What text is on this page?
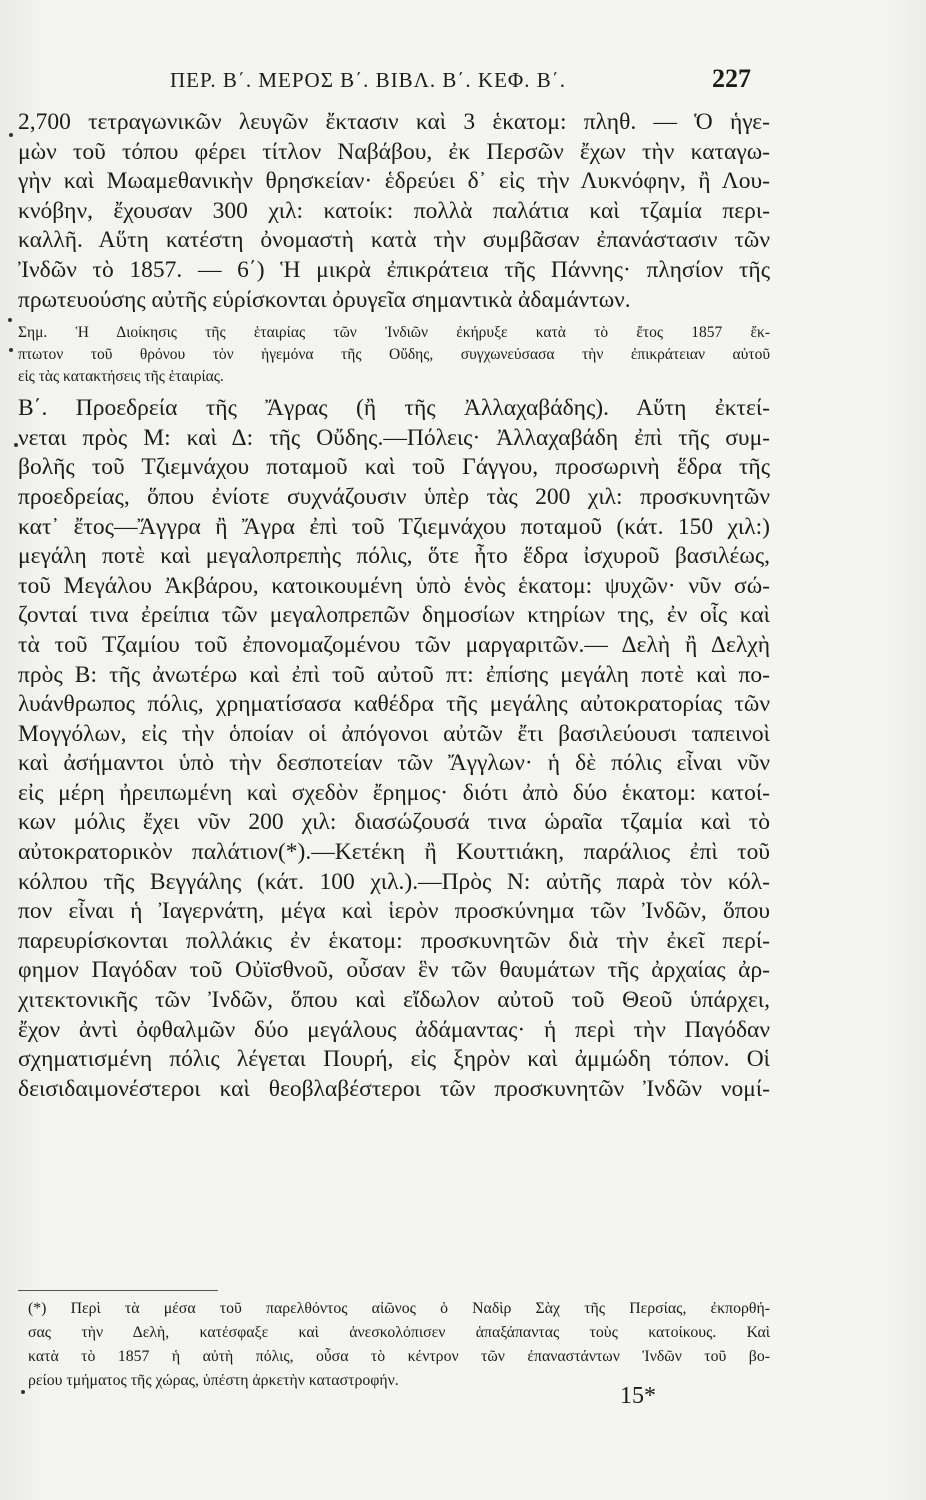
ΠΕΡ. Β΄. ΜΕΡΟΣ Β΄. ΒΙΒΛ. Β΄. ΚΕΦ. Β΄.	227
2,700 τετραγωνικῶν λευγῶν ἔκτασιν καὶ 3 ἑκατομ: πληθ. — Ὁ ἡγε-
μὼν τοῦ τόπου φέρει τίτλον Ναβάβου, ἐκ Περσῶν ἔχων τὴν καταγω-
γὴν καὶ Μωαμεθανικὴν θρησκείαν· ἑδρεύει δ᾽ εἰς τὴν Λυκνόφην, ἢ Λου-
κνόβην, ἔχουσαν 300 χιλ: κατοίκ: πολλὰ παλάτια καὶ τζαμία περι-
καλλῆ. Αὕτη κατέστη ὀνομαστὴ κατὰ τὴν συμβᾶσαν ἐπανάστασιν τῶν
Ἰνδῶν τὸ 1857. — 6΄) Ἡ μικρὰ ἐπικράτεια τῆς Πάννης· πλησίον τῆς
πρωτευούσης αὐτῆς εὑρίσκονται ὀρυγεῖα σημαντικὰ ἀδαμάντων.
Σημ. Ἡ Διοίκησις τῆς ἑταιρίας τῶν Ἰνδιῶν ἐκήρυξε κατὰ τὸ ἔτος 1857 ἔκ-
πτωτον τοῦ θρόνου τὸν ἡγεμόνα τῆς Οὔδης, συγχωνεύσασα τὴν ἐπικράτειαν αὐτοῦ
εἰς τὰς κατακτήσεις τῆς ἑταιρίας.
Β΄. Προεδρεία τῆς Ἄγρας (ἢ τῆς Ἀλλαχαβάδης). Αὕτη ἐκτεί-
νεται πρὸς Μ: καὶ Δ: τῆς Οὔδης.—Πόλεις· Ἀλλαχαβάδη ἐπὶ τῆς συμ-
βολῆς τοῦ Τζιεμνάχου ποταμοῦ καὶ τοῦ Γάγγου, προσωρινὴ ἕδρα τῆς
προεδρείας, ὅπου ἐνίοτε συχνάζουσιν ὑπὲρ τὰς 200 χιλ: προσκυνητῶν
κατ᾽ ἔτος—Ἄγγρα ἢ Ἄγρα ἐπὶ τοῦ Τζιεμνάχου ποταμοῦ (κάτ. 150 χιλ:)
μεγάλη ποτὲ καὶ μεγαλοπρεπὴς πόλις, ὅτε ἦτο ἕδρα ἰσχυροῦ βασιλέως,
τοῦ Μεγάλου Ἀκβάρου, κατοικουμένη ὑπὸ ἑνὸς ἑκατομ: ψυχῶν· νῦν σώ-
ζονταί τινα ἐρείπια τῶν μεγαλοπρεπῶν δημοσίων κτηρίων της, ἐν οἷς καὶ
τὰ τοῦ Τζαμίου τοῦ ἐπονομαζομένου τῶν μαργαριτῶν.— Δελὴ ἢ Δελχὴ
πρὸς Β: τῆς ἀνωτέρω καὶ ἐπὶ τοῦ αὐτοῦ πτ: ἐπίσης μεγάλη ποτὲ καὶ πο-
λυάνθρωπος πόλις, χρηματίσασα καθέδρα τῆς μεγάλης αὐτοκρατορίας τῶν
Μογγόλων, εἰς τὴν ὁποίαν οἱ ἀπόγονοι αὐτῶν ἔτι βασιλεύουσι ταπεινοὶ
καὶ ἀσήμαντοι ὑπὸ τὴν δεσποτείαν τῶν Ἄγγλων· ἡ δὲ πόλις εἶναι νῦν
εἰς μέρη ἠρειπωμένη καὶ σχεδὸν ἔρημος· διότι ἀπὸ δύο ἑκατομ: κατοί-
κων μόλις ἔχει νῦν 200 χιλ: διασώζουσά τινα ὡραῖα τζαμία καὶ τὸ
αὐτοκρατορικὸν παλάτιον(*).—Κετέκη ἢ Κουττιάκη, παράλιος ἐπὶ τοῦ
κόλπου τῆς Βεγγάλης (κάτ. 100 χιλ.).—Πρὸς Ν: αὐτῆς παρὰ τὸν κόλ-
πον εἶναι ἡ Ἰαγερνάτη, μέγα καὶ ἱερὸν προσκύνημα τῶν Ἰνδῶν, ὅπου
παρευρίσκονται πολλάκις ἐν ἑκατομ: προσκυνητῶν διὰ τὴν ἐκεῖ περί-
φημον Παγόδαν τοῦ Οὐϊσθνοῦ, οὖσαν ἓν τῶν θαυμάτων τῆς ἀρχαίας ἀρ-
χιτεκτονικῆς τῶν Ἰνδῶν, ὅπου καὶ εἴδωλον αὐτοῦ τοῦ Θεοῦ ὑπάρχει,
ἔχον ἀντὶ ὀφθαλμῶν δύο μεγάλους ἀδάμαντας· ἡ περὶ τὴν Παγόδαν
σχηματισμένη πόλις λέγεται Πουρή, εἰς ξηρὸν καὶ ἀμμώδη τόπον. Οἱ
δεισιδαιμονέστεροι καὶ θεοβλαβέστεροι τῶν προσκυνητῶν Ἰνδῶν νομί-
(*) Περὶ τὰ μέσα τοῦ παρελθόντος αἰῶνος ὁ Ναδὶρ Σὰχ τῆς Περσίας, ἐκπορθή-
σας τὴν Δελὴ, κατέσφαξε καὶ ἀνεσκολόπισεν ἁπαξάπαντας τοὺς κατοίκους. Καὶ
κατὰ τὸ 1857 ἡ αὐτὴ πόλις, οὖσα τὸ κέντρον τῶν ἐπαναστάντων Ἰνδῶν τοῦ βο-
ρείου τμήματος τῆς χώρας, ὑπέστη ἀρκετὴν καταστροφήν.
15*
